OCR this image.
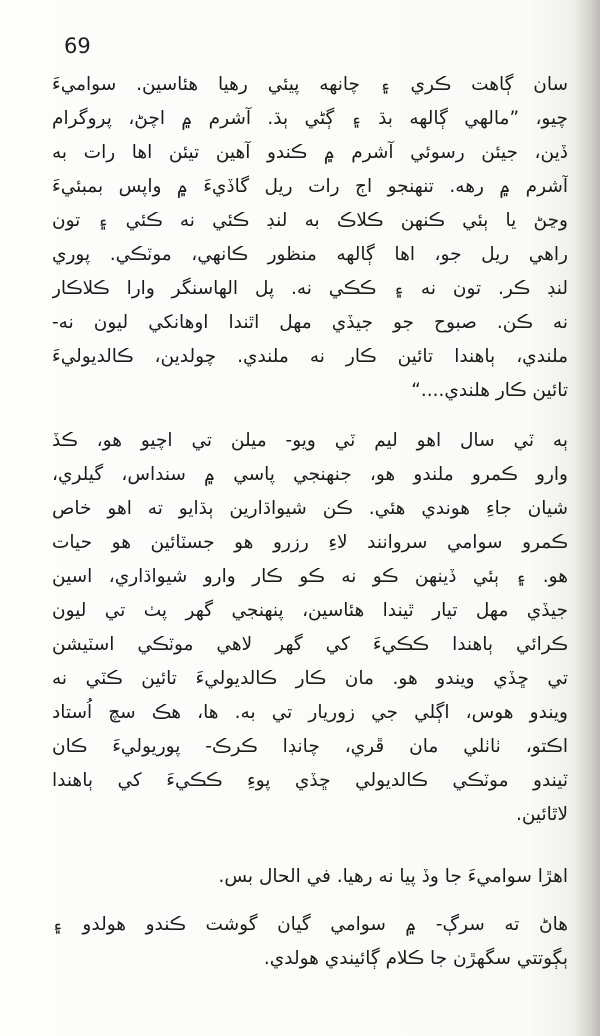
69
سان ڳاهت ڪري ۽ چانهه پيئي رهيا هئاسين. سواميءَ
چيو، ”مالهي ڳالهه بڌ ۽ ڳڻي ٻڌ. آشرم ۾ اچڻ، پروگرام
ڏين، جيئن رسوئي آشرم ۾ ڪندو آهين تيئن اها رات به
آشرم ۾ رهه. تنهنجو اڄ رات ريل گاڏيءَ ۾ واپس بمبئيءَ
وڃڻ يا ٻئي ڪنهن ڪلاڪ به لنڊ ڪئي نه ڪئي ۽ تون
راهي ريل جو، اها ڳالهه منظور ڪانهي، موٽڪي. پوري
لنڊ ڪر. تون نه ۽ ڪڪي نه. پل الهاسنگر وارا ڪلاڪار
نه ڪن. صبوح جو جيڏي مهل اٿندا اوهانکي ليون نه-
ملندي، ٻاهندا تائين ڪار نه ملندي. چولدين، ڪالديوليءَ
تائين ڪار هلندي....“
ٻه ٽي سال اهو ليم ٽي ويو- ميلن تي اچيو هو، ڪڏ
وارو ڪمرو ملندو هو، جنهنجي پاسي ۾ سنداس، گيلري،
شيان جاءِ هوندي هئي. ڪن شيواڌارين ٻڌايو ته اهو خاص
ڪمرو سوامي سروانند لاءِ رزرو هو جسٽائين هو حيات
هو. ۽ ٻئي ڏينهن ڪو نه ڪو ڪار وارو شيواڌاري، اسين
جيڏي مهل تيار ٿيندا هئاسين، پنهنجي گهر پٺ تي ليون
ڪرائي ٻاهندا ڪڪيءَ کي گهر لاهي موٽڪي اسٽيشن
تي ڇڏي ويندو هو. مان ڪار ڪالديوليءَ تائين ڪٽي نه
ويندو هوس، اڳلي جي زوريار تي به. ها، هڪ سچ اُستاد
اڪتو، ٺاٺلي مان ڦري، چانڊا ڪرڪ- پوريوليءَ ڪان
ٽيندو موٽڪي ڪالديولي ڇڏي پوءِ ڪڪيءَ کي ٻاهندا
لاٿائين.
اهڙا سواميءَ جا وڏ پيا نه رهيا. في الحال بس.
هاڻ ته سرڳ- ۾ سوامي گيان گوشت ڪندو هولدو ۽
ٻڳوتتي سگهڙن جا ڪلام ڳائيندي هولدي.
